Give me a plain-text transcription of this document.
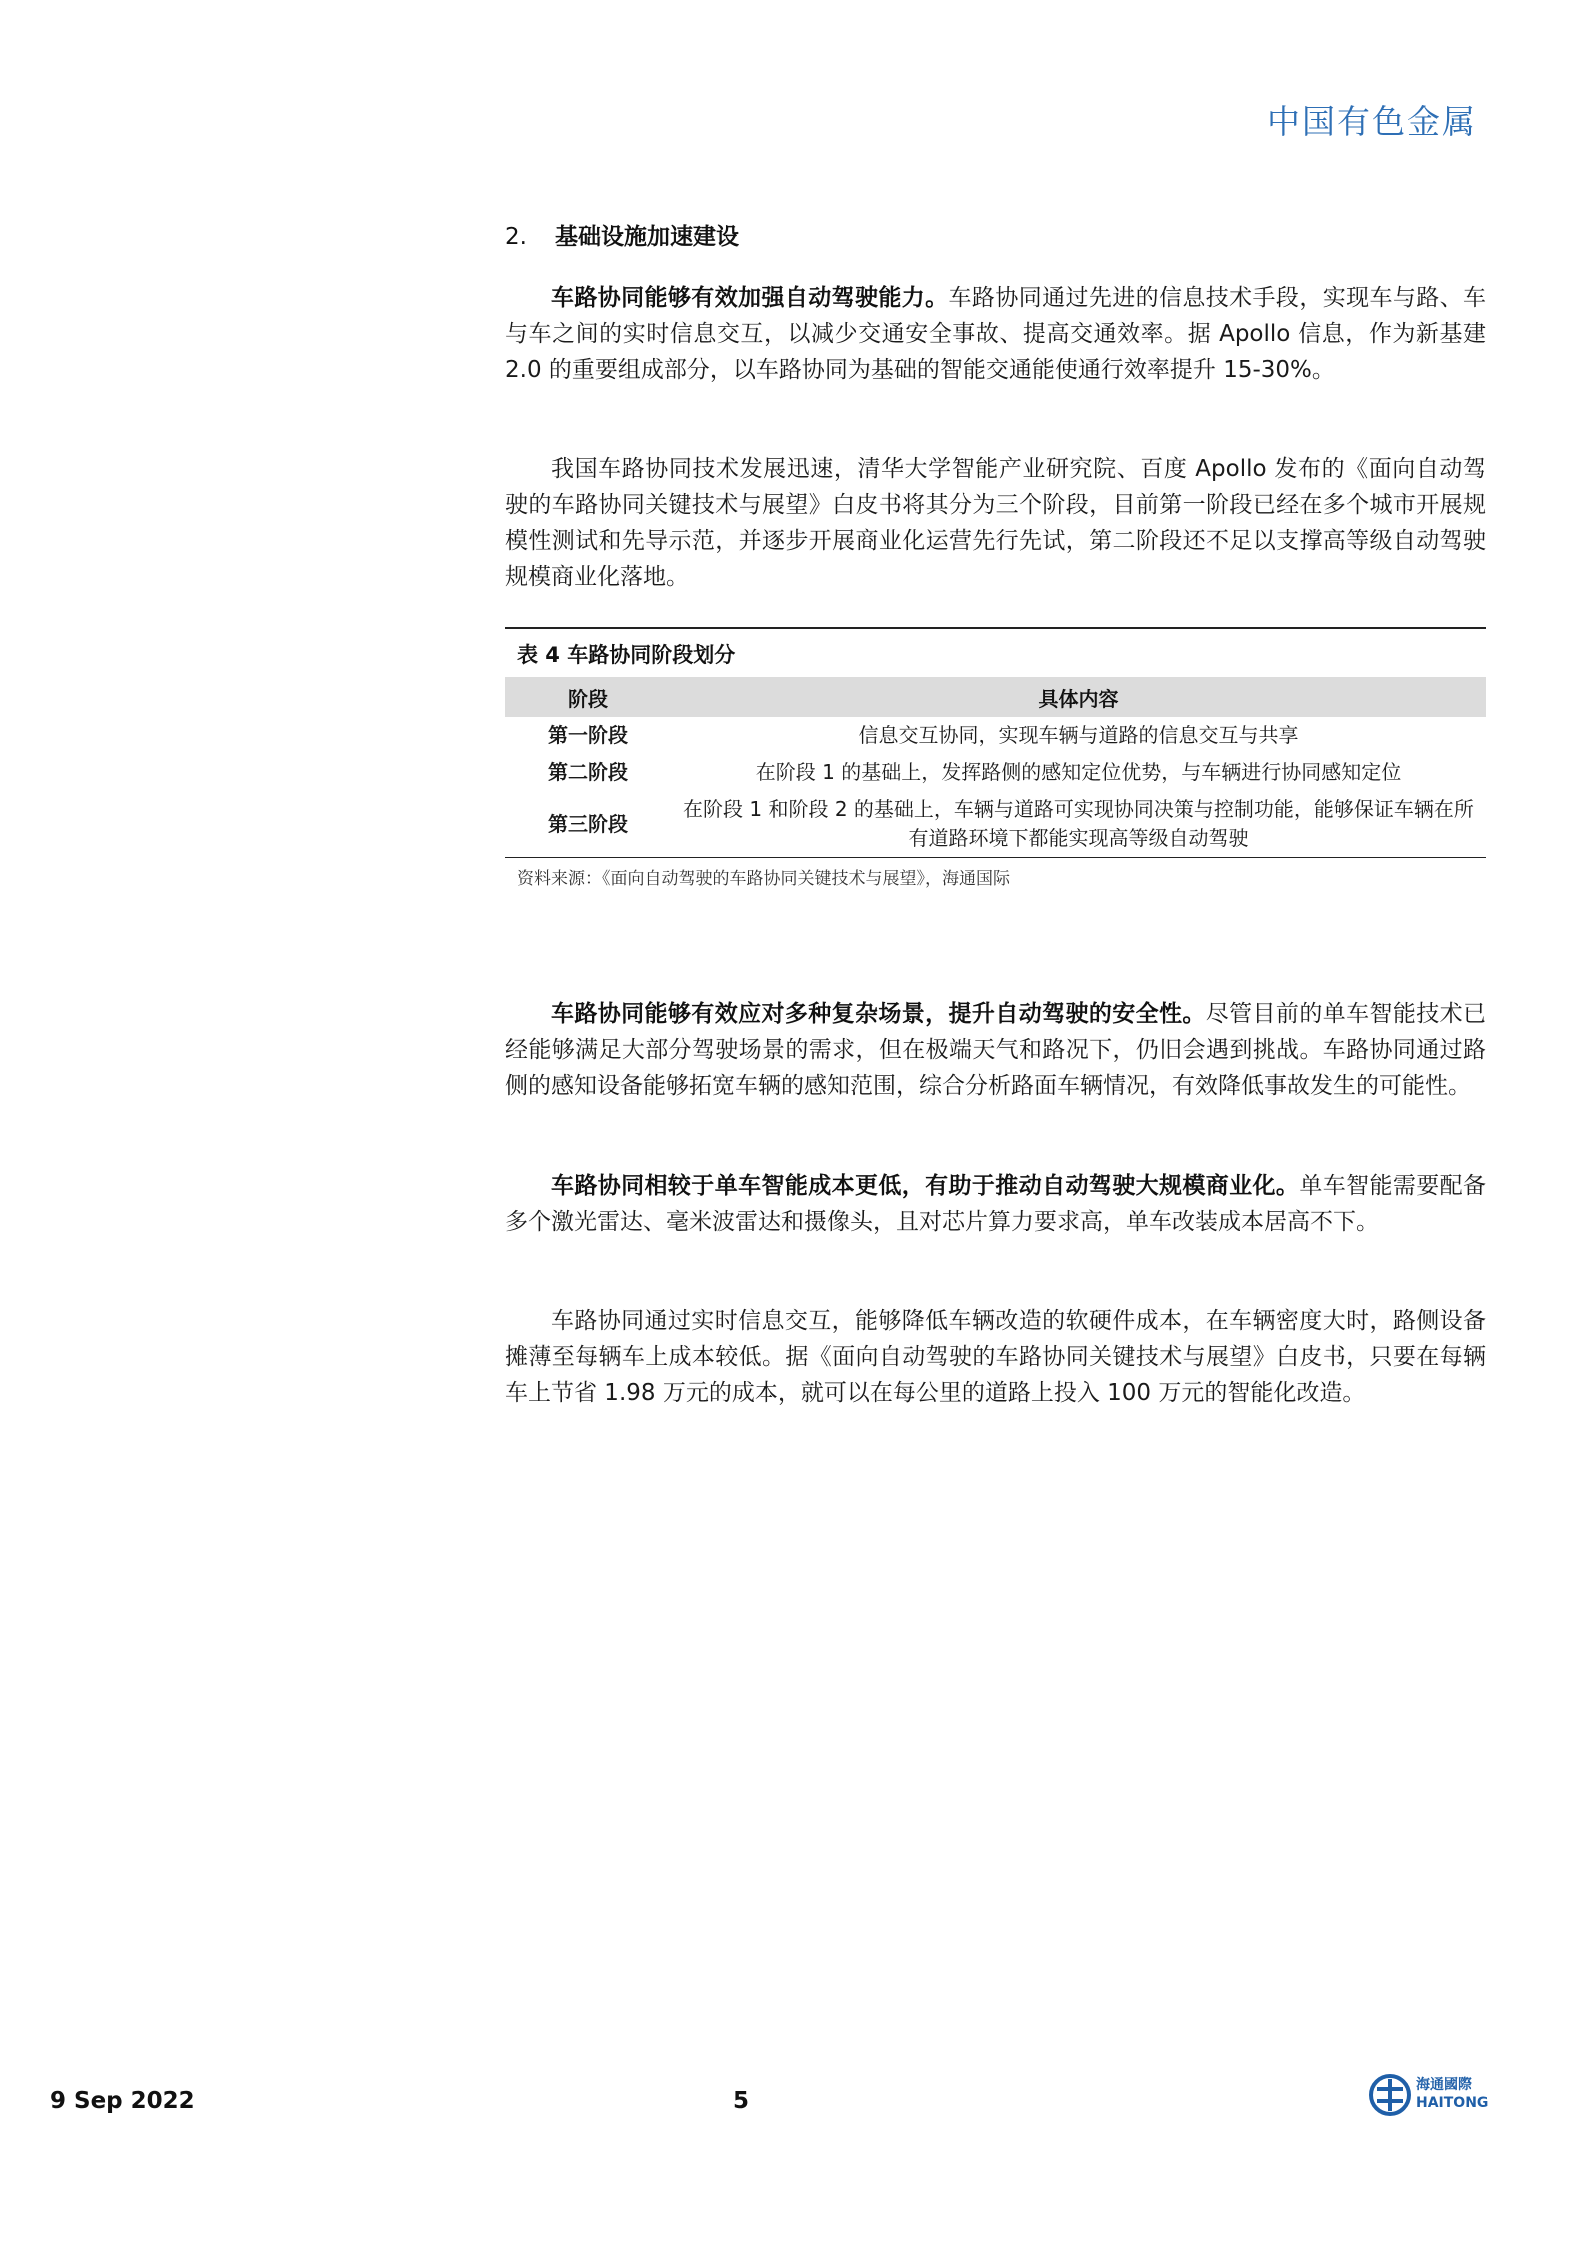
中国有色金属
2. 基础设施加速建设

车路协同能够有效加强自动驾驶能力。车路协同通过先进的信息技术手段，实现车与路、车与车之间的实时信息交互，以减少交通安全事故、提高交通效率。据 Apollo 信息，作为新基建 2.0 的重要组成部分，以车路协同为基础的智能交通能使通行效率提升 15-30%。

我国车路协同技术发展迅速，清华大学智能产业研究院、百度 Apollo 发布的《面向自动驾驶的车路协同关键技术与展望》白皮书将其分为三个阶段，目前第一阶段已经在多个城市开展规模性测试和先导示范，并逐步开展商业化运营先行先试，第二阶段还不足以支撑高等级自动驾驶规模商业化落地。

表 4 车路协同阶段划分
阶段	具体内容
第一阶段	信息交互协同，实现车辆与道路的信息交互与共享
第二阶段	在阶段 1 的基础上，发挥路侧的感知定位优势，与车辆进行协同感知定位
第三阶段	在阶段 1 和阶段 2 的基础上，车辆与道路可实现协同决策与控制功能，能够保证车辆在所有道路环境下都能实现高等级自动驾驶
资料来源：《面向自动驾驶的车路协同关键技术与展望》，海通国际

车路协同能够有效应对多种复杂场景，提升自动驾驶的安全性。尽管目前的单车智能技术已经能够满足大部分驾驶场景的需求，但在极端天气和路况下，仍旧会遇到挑战。车路协同通过路侧的感知设备能够拓宽车辆的感知范围，综合分析路面车辆情况，有效降低事故发生的可能性。

车路协同相较于单车智能成本更低，有助于推动自动驾驶大规模商业化。单车智能需要配备多个激光雷达、毫米波雷达和摄像头，且对芯片算力要求高，单车改装成本居高不下。

车路协同通过实时信息交互，能够降低车辆改造的软硬件成本，在车辆密度大时，路侧设备摊薄至每辆车上成本较低。据《面向自动驾驶的车路协同关键技术与展望》白皮书，只要在每辆车上节省 1.98 万元的成本，就可以在每公里的道路上投入 100 万元的智能化改造。

9 Sep 2022	5
海通國際
HAITONG
